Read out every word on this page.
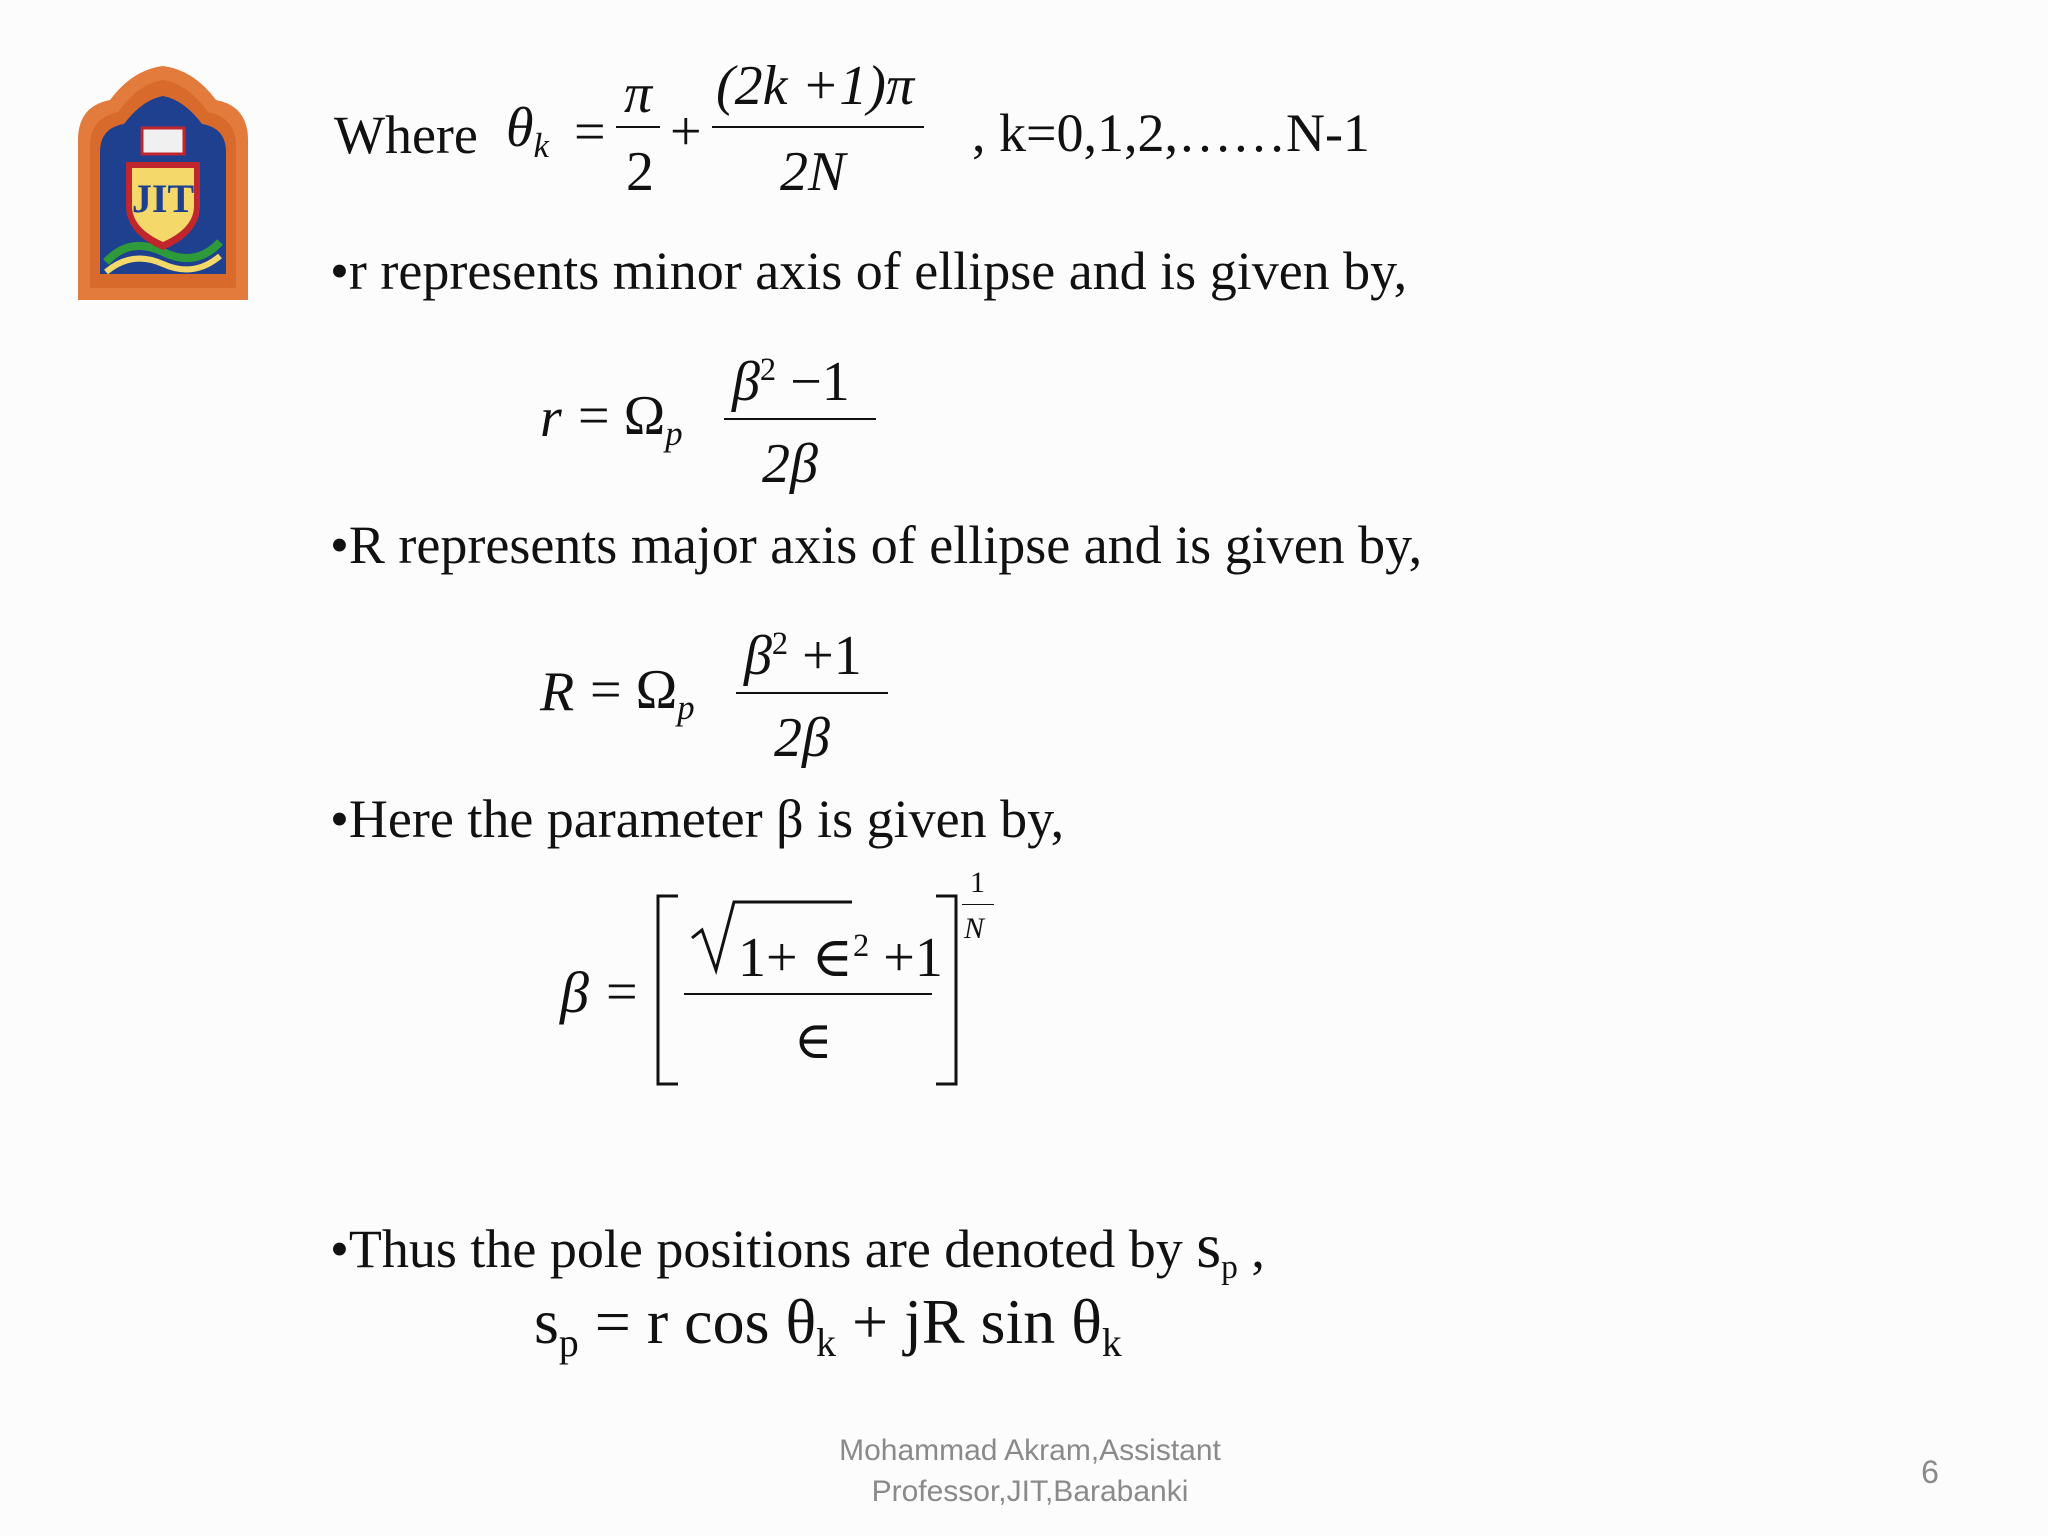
JIT
Where θk =
π
2
+
(2k +1)π
2N
, k=0,1,2,……N-1
•r represents minor axis of ellipse and is given by,
r = Ωp
$\beta^2 -1$
2β
•R represents major axis of ellipse and is given by,
R = Ωp
$\beta^2 +1$
2β
•Here the parameter β is given by,
β =
1+ ∈$^2$ +1
∈
1
N
•Thus the pole positions are denoted by sp ,
sp = r cos θk + jR sin θk
Mohammad Akram,Assistant
Professor,JIT,Barabanki
6
